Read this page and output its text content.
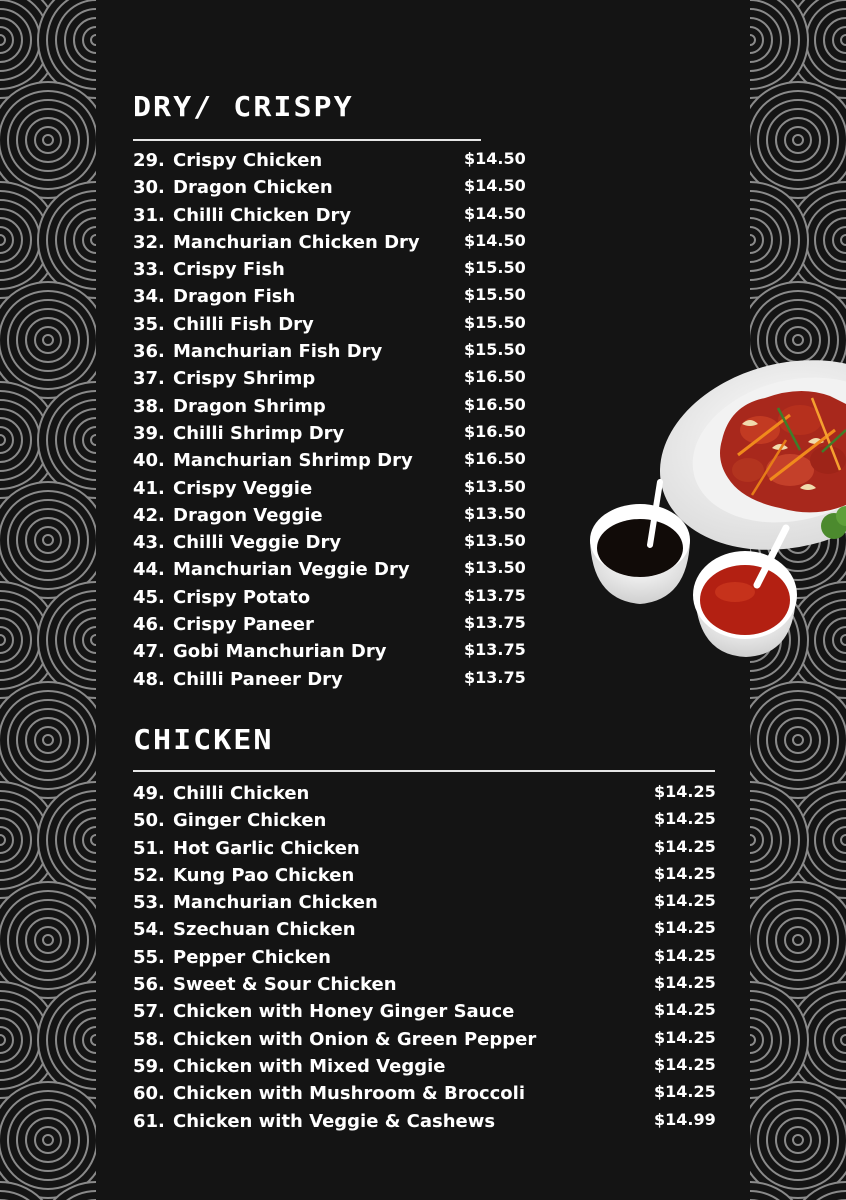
DRY/ CRISPY
29. Crispy Chicken	$14.50
30. Dragon Chicken	$14.50
31. Chilli Chicken Dry	$14.50
32. Manchurian Chicken Dry	$14.50
33. Crispy Fish	$15.50
34. Dragon Fish	$15.50
35. Chilli Fish Dry	$15.50
36. Manchurian Fish Dry	$15.50
37. Crispy Shrimp	$16.50
38. Dragon Shrimp	$16.50
39. Chilli Shrimp Dry	$16.50
40. Manchurian Shrimp Dry	$16.50
41. Crispy Veggie	$13.50
42. Dragon Veggie	$13.50
43. Chilli Veggie Dry	$13.50
44. Manchurian Veggie Dry	$13.50
45. Crispy Potato	$13.75
46. Crispy Paneer	$13.75
47. Gobi Manchurian Dry	$13.75
48. Chilli Paneer Dry	$13.75
CHICKEN
49. Chilli Chicken	$14.25
50. Ginger Chicken	$14.25
51. Hot Garlic Chicken	$14.25
52. Kung Pao Chicken	$14.25
53. Manchurian Chicken	$14.25
54. Szechuan Chicken	$14.25
55. Pepper Chicken	$14.25
56. Sweet & Sour Chicken	$14.25
57. Chicken with Honey Ginger Sauce	$14.25
58. Chicken with Onion & Green Pepper	$14.25
59. Chicken with Mixed Veggie	$14.25
60. Chicken with Mushroom & Broccoli	$14.25
61. Chicken with Veggie & Cashews	$14.99
